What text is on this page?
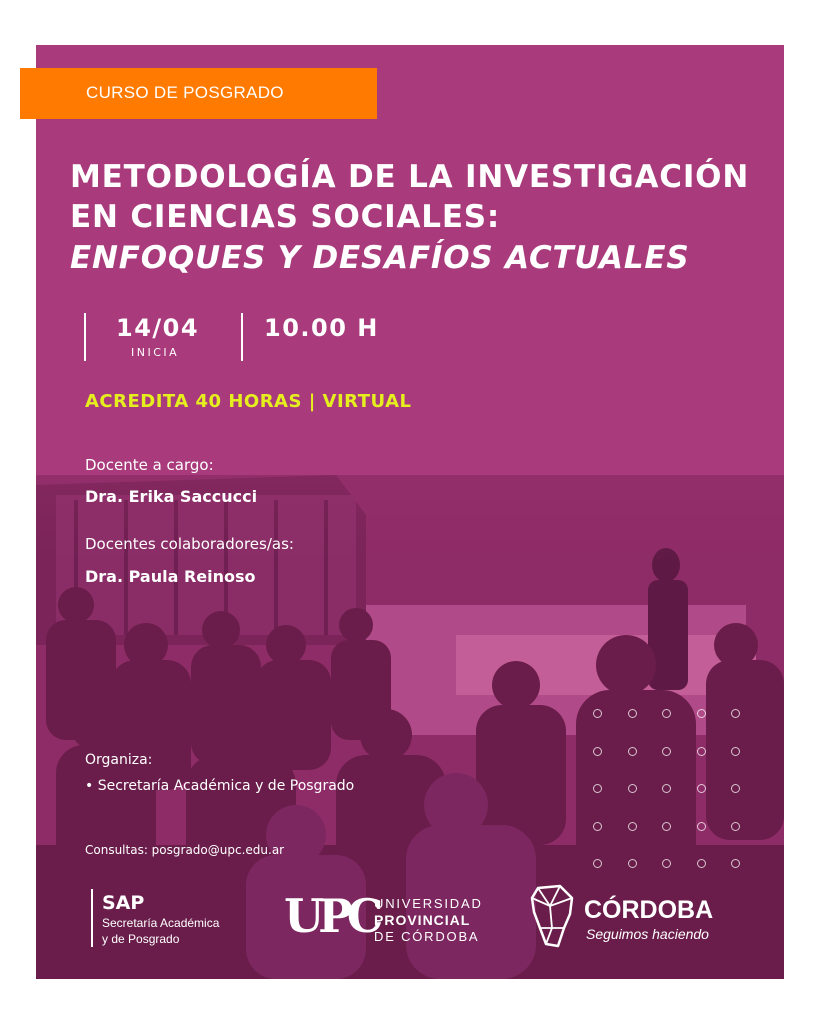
CURSO DE POSGRADO
METODOLOGÍA DE LA INVESTIGACIÓN
EN CIENCIAS SOCIALES:
ENFOQUES Y DESAFÍOS ACTUALES
14/04
INICIA
10.00 H
ACREDITA 40 HORAS | VIRTUAL
Docente a cargo:
Dra. Erika Saccucci
Docentes colaboradores/as:
Dra. Paula Reinoso
Organiza:
• Secretaría Académica y de Posgrado
Consultas: posgrado@upc.edu.ar
SAP
Secretaría Académica
y de Posgrado UPC
UNIVERSIDAD
PROVINCIAL
DE CÓRDOBA
CÓRDOBA
Seguimos haciendo
